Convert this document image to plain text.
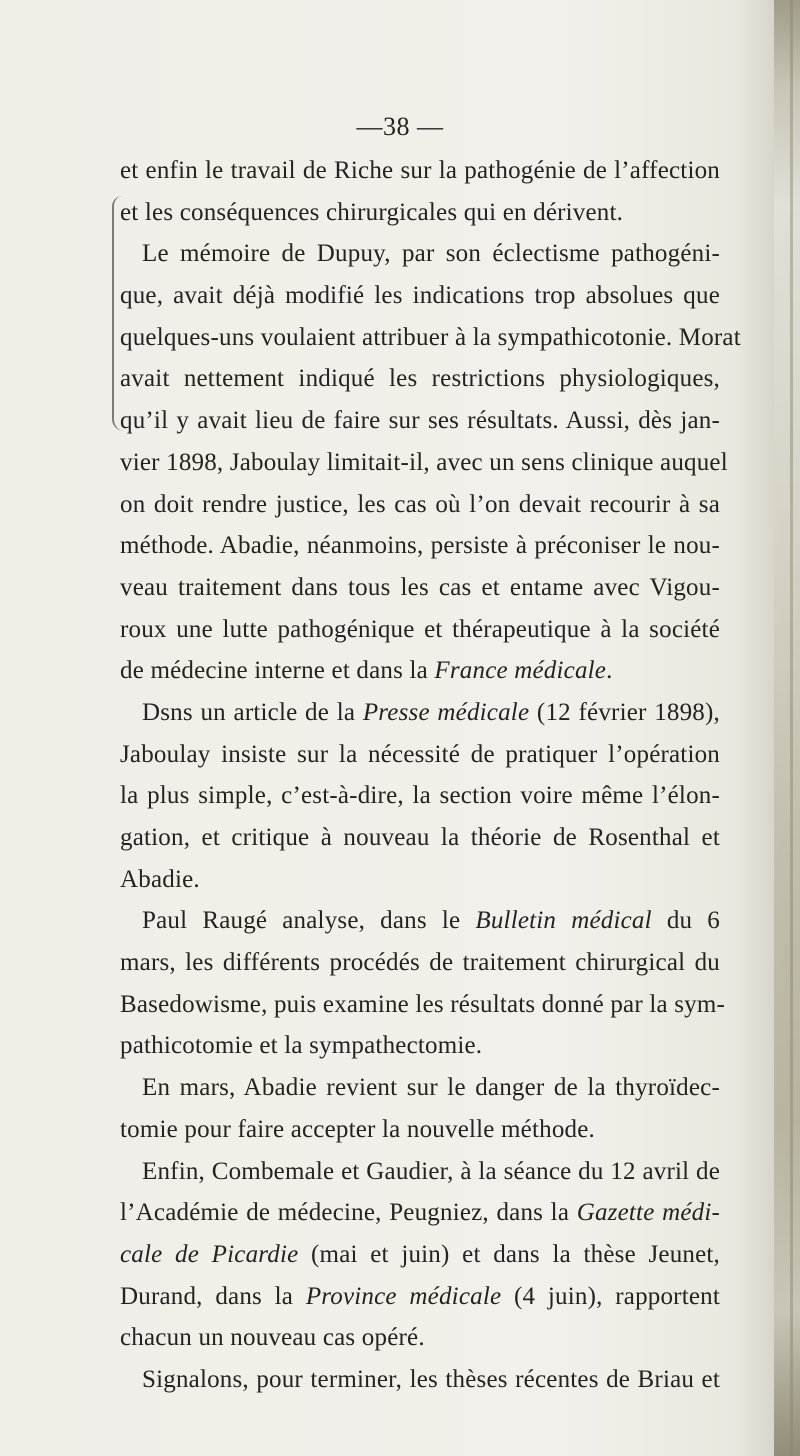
—38 —
et enfin le travail de Riche sur la pathogénie de l’affection
et les conséquences chirurgicales qui en dérivent.
Le mémoire de Dupuy, par son éclectisme pathogéni-
que, avait déjà modifié les indications trop absolues que
quelques-uns voulaient attribuer à la sympathicotonie. Morat
avait nettement indiqué les restrictions physiologiques,
qu’il y avait lieu de faire sur ses résultats. Aussi, dès jan-
vier 1898, Jaboulay limitait-il, avec un sens clinique auquel
on doit rendre justice, les cas où l’on devait recourir à sa
méthode. Abadie, néanmoins, persiste à préconiser le nou-
veau traitement dans tous les cas et entame avec Vigou-
roux une lutte pathogénique et thérapeutique à la société
de médecine interne et dans la France médicale.
Dsns un article de la Presse médicale (12 février 1898),
Jaboulay insiste sur la nécessité de pratiquer l’opération
la plus simple, c’est-à-dire, la section voire même l’élon-
gation, et critique à nouveau la théorie de Rosenthal et
Abadie.
Paul Raugé analyse, dans le Bulletin médical du 6
mars, les différents procédés de traitement chirurgical du
Basedowisme, puis examine les résultats donné par la sym-
pathicotomie et la sympathectomie.
En mars, Abadie revient sur le danger de la thyroïdec-
tomie pour faire accepter la nouvelle méthode.
Enfin, Combemale et Gaudier, à la séance du 12 avril de
l’Académie de médecine, Peugniez, dans la Gazette médi-
cale de Picardie (mai et juin) et dans la thèse Jeunet,
Durand, dans la Province médicale (4 juin), rapportent
chacun un nouveau cas opéré.
Signalons, pour terminer, les thèses récentes de Briau et
